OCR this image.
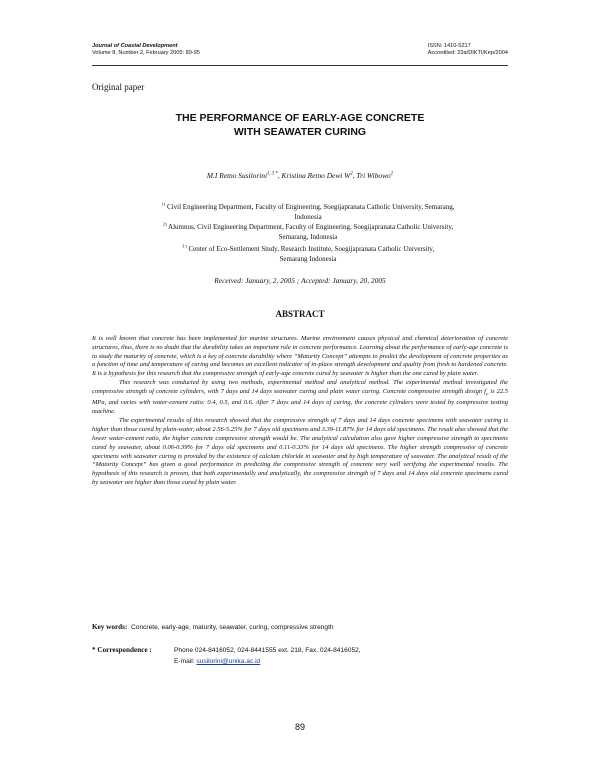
Journal of Coastal Development
Volume 8, Number 2, February 2005: 89-95
ISSN: 1410-5217
Accredited: 23a/DIKTI/Kep/2004
Original paper
THE PERFORMANCE OF EARLY-AGE CONCRETE
WITH SEAWATER CURING
M.I Retno Susilorini$^{1, 3 *}$, Kristina Retno Dewi $W^2$, Tri Wibowo$^2$
$^{1)}$ Civil Engineering Department, Faculty of Engineering, Soegijapranata Catholic University, Semarang,
Indonesia
$^{2)}$ Alumnus, Civil Engineering Department, Faculty of Engineering, Soegijapranata Catholic University,
Semarang, Indonesia
$^{3 )}$ Center of Eco-Settlement Study, Research Institute, Soegijapranata Catholic University,
Semarang Indonesia
Received: January, 2, 2005 ; Accepted: January, 20, 2005
ABSTRACT

It is well known that concrete has been implemented for marine structures. Marine environment causes physical and chemical deterioration of concrete structures, thus, there is no doubt that the durability takes an important role in concrete performance. Learning about the performance of early-age concrete is to study the maturity of concrete, which is a key of concrete durability where “Maturity Concept” attempts to predict the development of concrete properties as a function of time and temperature of curing and becomes an excellent indicator of in-place strength development and quality from fresh to hardened concrete. It is a hypothesis for this research that the compressive strength of early-age concrete cured by seawater is higher than the one cured by plain water.

This research was conducted by using two methods, experimental method and analytical method. The experimental method investigated the compressive strength of concrete cylinders, with 7 days and 14 days seawater curing and plain water curing. Concrete compressive strength design $f_c$ is 22.5 MPa, and varies with water-cement ratio: 0.4, 0.5, and 0.6. After 7 days and 14 days of curing, the concrete cylinders were tested by compressive testing machine.

The experimental results of this research showed that the compressive strength of 7 days and 14 days concrete specimens with seawater curing is higher than those cured by plain-water, about 2.56-5.25% for 7 days old specimens and 3.39-11.87% for 14 days old specimens. The result also showed that the lower water-cement ratio, the higher concrete compressive strength would be. The analytical calculation also gave higher compressive strength to specimens cured by seawater, about 0.06-0.39% for 7 days old specimens and 0.11-0.33% for 14 days old specimens. The higher strength compressive of concrete specimens with seawater curing is provided by the existence of calcium chloride in seawater and by high temperature of seawater. The analytical result of the “Maturity Concept” has given a good performance in predicting the compressive strength of concrete very well verifying the experimental results. The hypothesis of this research is proven, that both experimentally and analytically, the compressive strength of 7 days and 14 days old concrete specimens cured by seawater are higher than those cured by plain water.

Key words: Concrete, early-age, maturity, seawater, curing, compressive strength
* Correspondence :	Phone 024-8416052, 024-8441555 ext. 218, Fax. 024-8416052,
E-mail: susilorini@unika.ac.id
89
